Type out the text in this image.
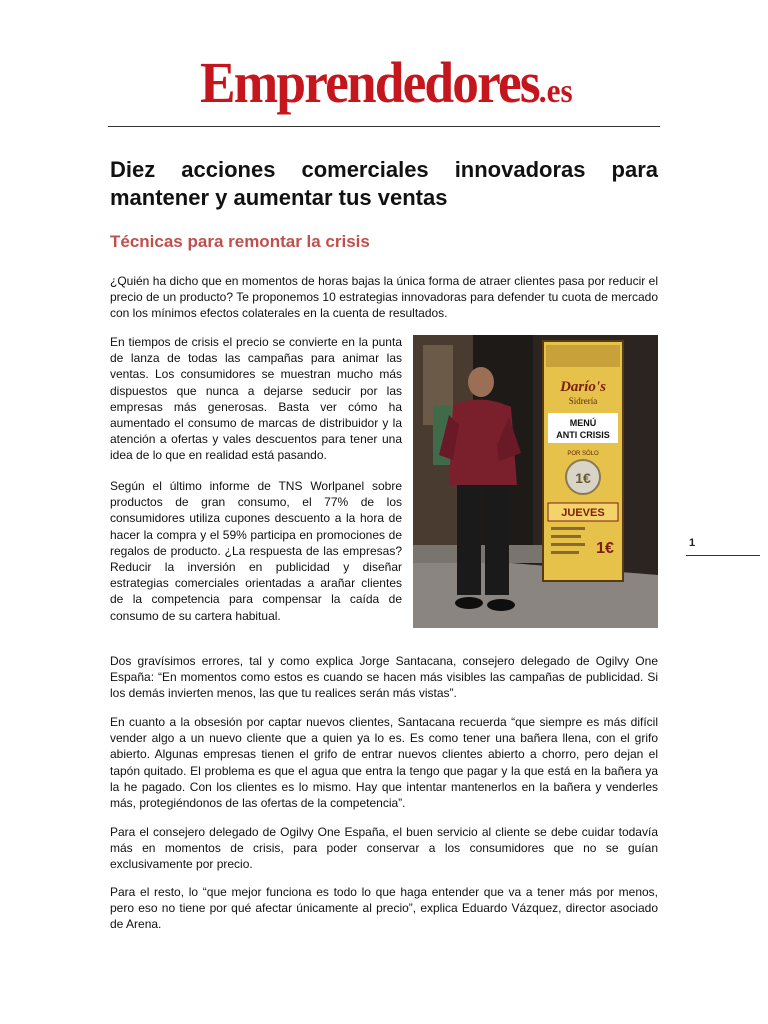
Emprendedores.es
Diez acciones comerciales innovadoras para mantener y aumentar tus ventas
Técnicas para remontar la crisis

¿Quién ha dicho que en momentos de horas bajas la única forma de atraer clientes pasa por reducir el precio de un producto? Te proponemos 10 estrategias innovadoras para defender tu cuota de mercado con los mínimos efectos colaterales en la cuenta de resultados.

En tiempos de crisis el precio se convierte en la punta de lanza de todas las campañas para animar las ventas. Los consumidores se muestran mucho más dispuestos que nunca a dejarse seducir por las empresas más generosas. Basta ver cómo ha aumentado el consumo de marcas de distribuidor y la atención a ofertas y vales descuentos para tener una idea de lo que en realidad está pasando.

Según el último informe de TNS Worlpanel sobre productos de gran consumo, el 77% de los consumidores utiliza cupones descuento a la hora de hacer la compra y el 59% participa en promociones de regalos de producto. ¿La respuesta de las empresas? Reducir la inversión en publicidad y diseñar estrategias comerciales orientadas a arañar clientes de la competencia para compensar la caída de consumo de su cartera habitual.

Darío's
Sidrería
MENÚ
ANTI CRISIS
POR SÓLO
1€
JUEVES
1€

Dos gravísimos errores, tal y como explica Jorge Santacana, consejero delegado de Ogilvy One España: “En momentos como estos es cuando se hacen más visibles las campañas de publicidad. Si los demás invierten menos, las que tu realices serán más vistas”.

En cuanto a la obsesión por captar nuevos clientes, Santacana recuerda “que siempre es más difícil vender algo a un nuevo cliente que a quien ya lo es. Es como tener una bañera llena, con el grifo abierto. Algunas empresas tienen el grifo de entrar nuevos clientes abierto a chorro, pero dejan el tapón quitado. El problema es que el agua que entra la tengo que pagar y la que está en la bañera ya la he pagado. Con los clientes es lo mismo. Hay que intentar mantenerlos en la bañera y venderles más, protegiéndonos de las ofertas de la competencia”.

Para el consejero delegado de Ogilvy One España, el buen servicio al cliente se debe cuidar todavía más en momentos de crisis, para poder conservar a los consumidores que no se guían exclusivamente por precio.

Para el resto, lo “que mejor funciona es todo lo que haga entender que va a tener más por menos, pero eso no tiene por qué afectar únicamente al precio”, explica Eduardo Vázquez, director asociado de Arena.

1
